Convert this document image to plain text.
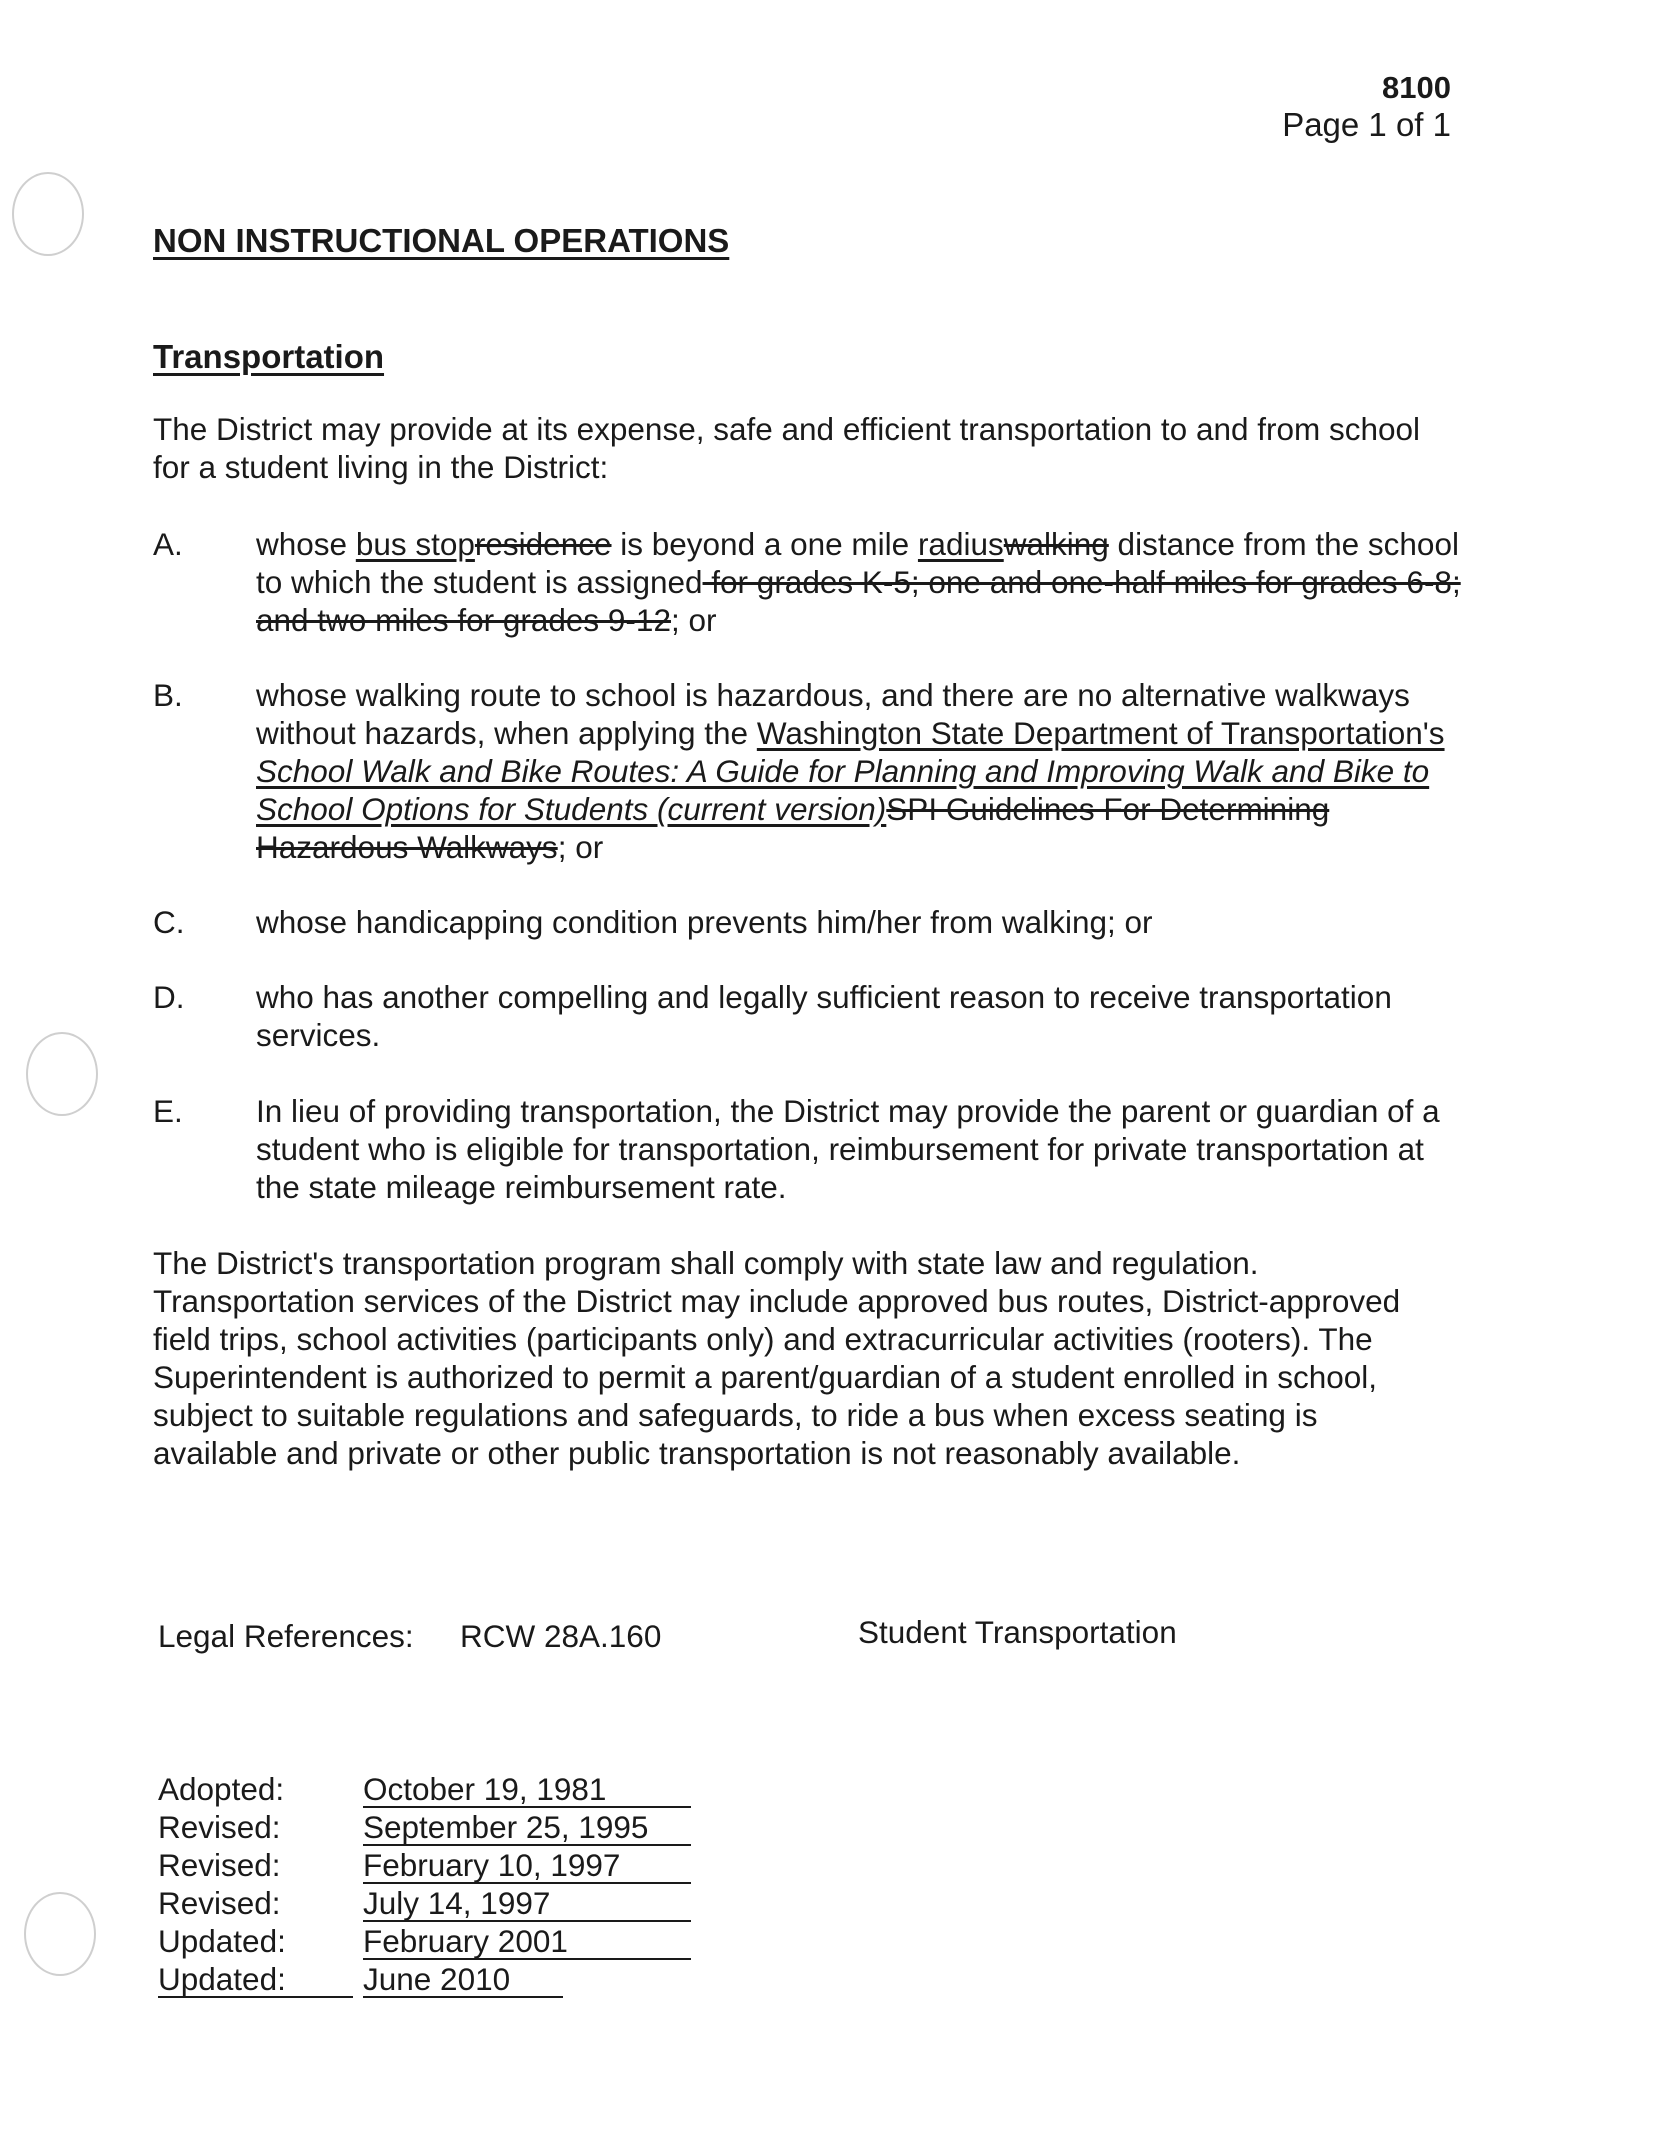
8100
Page 1 of 1
NON INSTRUCTIONAL OPERATIONS
Transportation
The District may provide at its expense, safe and efficient transportation to and from school for a student living in the District:
A. whose bus stopresidence is beyond a one mile radiuswalking distance from the school to which the student is assigned for grades K-5; one and one-half miles for grades 6-8; and two miles for grades 9-12; or
B. whose walking route to school is hazardous, and there are no alternative walkways without hazards, when applying the Washington State Department of Transportation's School Walk and Bike Routes: A Guide for Planning and Improving Walk and Bike to School Options for Students (current version)SPI Guidelines For Determining Hazardous Walkways; or
C. whose handicapping condition prevents him/her from walking; or
D. who has another compelling and legally sufficient reason to receive transportation services.
E. In lieu of providing transportation, the District may provide the parent or guardian of a student who is eligible for transportation, reimbursement for private transportation at the state mileage reimbursement rate.
The District's transportation program shall comply with state law and regulation. Transportation services of the District may include approved bus routes, District-approved field trips, school activities (participants only) and extracurricular activities (rooters). The Superintendent is authorized to permit a parent/guardian of a student enrolled in school, subject to suitable regulations and safeguards, to ride a bus when excess seating is available and private or other public transportation is not reasonably available.
Legal References: RCW 28A.160	Student Transportation
Adopted:	October 19, 1981

Revised:	September 25, 1995

Revised:	February 10, 1997

Revised:	July 14, 1997

Updated:	February 2001

Updated:	June 2010
